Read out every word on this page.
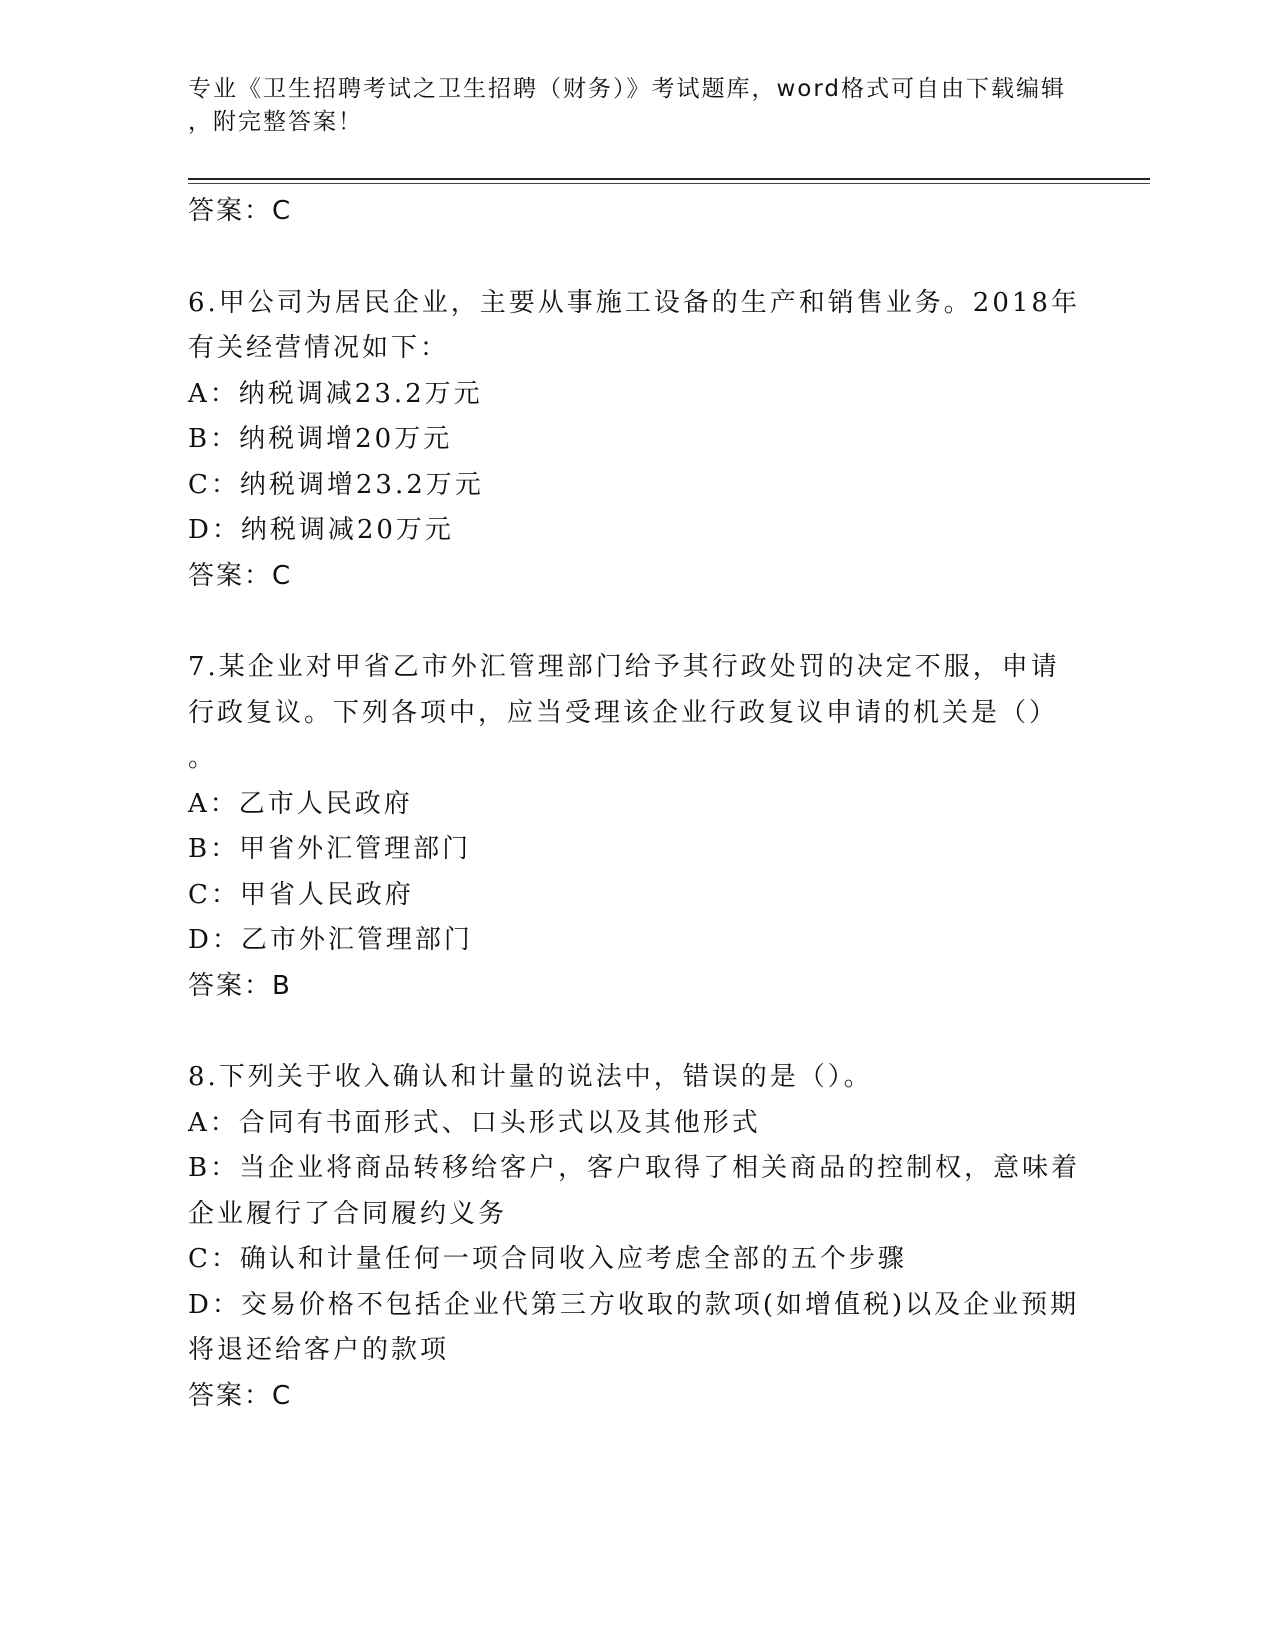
专业《卫生招聘考试之卫生招聘（财务）》考试题库，word格式可自由下载编辑
，附完整答案！
答案：C
6.甲公司为居民企业，主要从事施工设备的生产和销售业务。2018年
有关经营情况如下：
A：纳税调减23.2万元
B：纳税调增20万元
C：纳税调增23.2万元
D：纳税调减20万元
答案：C
7.某企业对甲省乙市外汇管理部门给予其行政处罚的决定不服，申请
行政复议。下列各项中，应当受理该企业行政复议申请的机关是（）
。
A：乙市人民政府
B：甲省外汇管理部门
C：甲省人民政府
D：乙市外汇管理部门
答案：B
8.下列关于收入确认和计量的说法中，错误的是（）。
A：合同有书面形式、口头形式以及其他形式
B：当企业将商品转移给客户，客户取得了相关商品的控制权，意味着
企业履行了合同履约义务
C：确认和计量任何一项合同收入应考虑全部的五个步骤
D：交易价格不包括企业代第三方收取的款项(如增值税)以及企业预期
将退还给客户的款项
答案：C
